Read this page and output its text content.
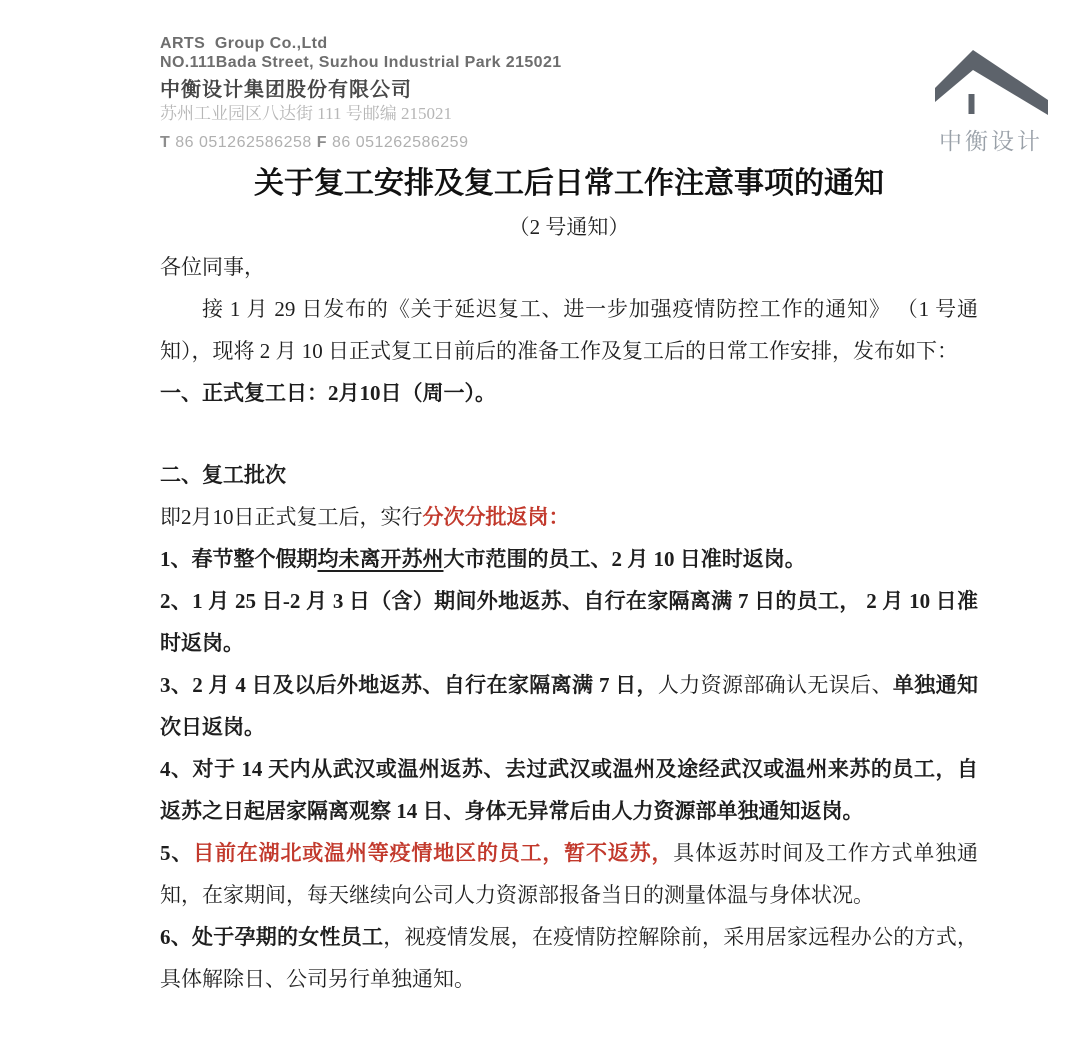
ARTS  Group Co.,Ltd
NO.111Bada Street, Suzhou Industrial Park 215021
中衡设计集团股份有限公司
苏州工业园区八达街 111 号邮编 215021
T 86 051262586258 F 86 051262586259	中衡设计
关于复工安排及复工后日常工作注意事项的通知
（2 号通知）

各位同事，

接 1 月 29 日发布的《关于延迟复工、进一步加强疫情防控工作的通知》 （1 号通知），现将 2 月 10 日正式复工日前后的准备工作及复工后的日常工作安排，发布如下：

一、正式复工日：2月10日（周一）。

二、复工批次

即2月10日正式复工后，实行分次分批返岗：

1、春节整个假期均未离开苏州大市范围的员工、2 月 10 日准时返岗。

2、1 月 25 日-2 月 3 日（含）期间外地返苏、自行在家隔离满 7 日的员工， 2 月 10 日准时返岗。

3、2 月 4 日及以后外地返苏、自行在家隔离满 7 日，人力资源部确认无误后、单独通知次日返岗。

4、对于 14 天内从武汉或温州返苏、去过武汉或温州及途经武汉或温州来苏的员工，自返苏之日起居家隔离观察 14 日、身体无异常后由人力资源部单独通知返岗。

5、目前在湖北或温州等疫情地区的员工，暂不返苏，具体返苏时间及工作方式单独通知，在家期间，每天继续向公司人力资源部报备当日的测量体温与身体状况。

6、处于孕期的女性员工，视疫情发展，在疫情防控解除前，采用居家远程办公的方式，具体解除日、公司另行单独通知。
